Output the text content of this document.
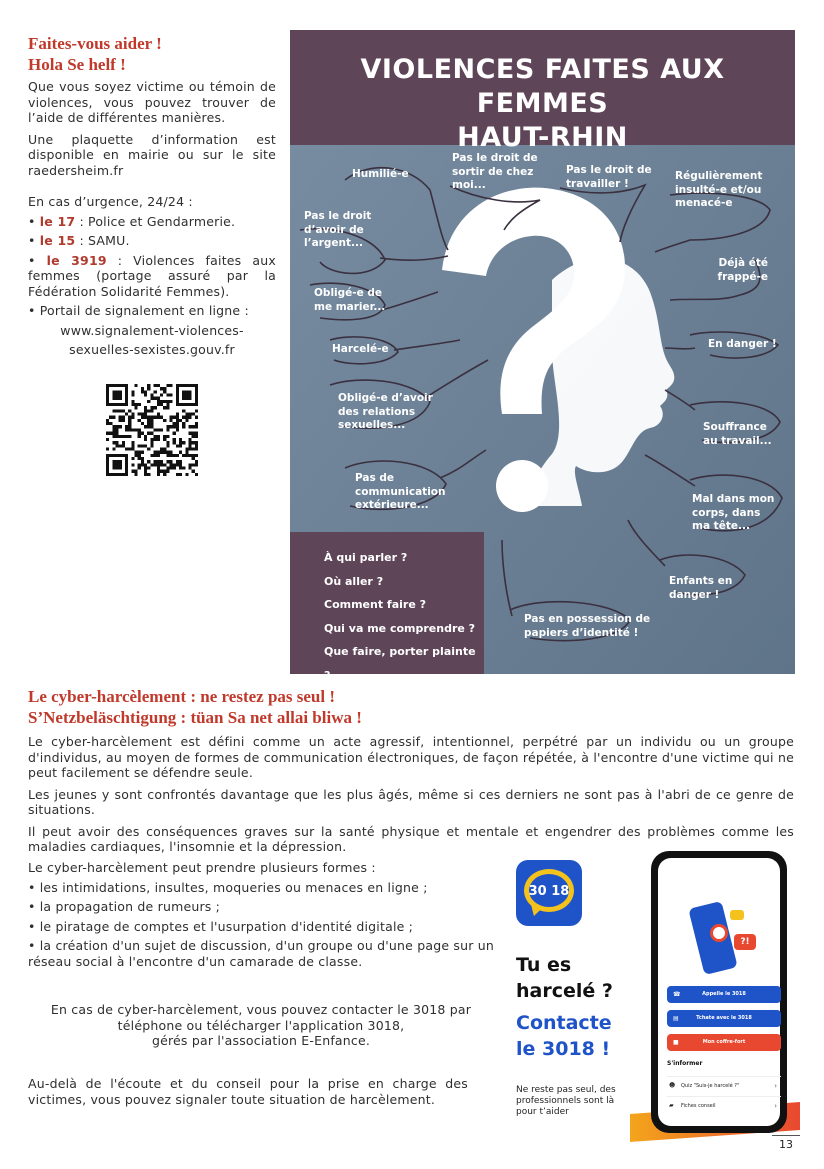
Faites-vous aider !
Hola Se helf !

Que vous soyez victime ou témoin de violences, vous pouvez trouver de l’aide de différentes manières.

Une plaquette d’information est disponible en mairie ou sur le site raedersheim.fr

En cas d’urgence, 24/24 :
• le 17 : Police et Gendarmerie.
• le 15 : SAMU.
• le 3919 : Violences faites aux femmes (portage assuré par la Fédération Solidarité Femmes).
• Portail de signalement en ligne :
www.signalement-violences-
sexuelles-sexistes.gouv.fr
VIOLENCES FAITES AUX FEMMES
HAUT-RHIN
Humilié-e
Pas le droit de sortir de chez moi...
Pas le droit de travailler !
Régulièrement insulté-e et/ou menacé-e
Pas le droit d’avoir de l’argent...
Déjà été frappé-e
Obligé-e de me marier...
En danger !
Harcelé-e
Obligé-e d’avoir des relations sexuelles...	Souffrance au travail...
Pas de communication extérieure...	Mal dans mon corps, dans ma tête...
Enfants en danger !
Pas en possession de papiers d’identité !
À qui parler ?
Où aller ?
Comment faire ?
Qui va me comprendre ?
Que faire, porter plainte ?
Le cyber-harcèlement : ne restez pas seul !
S’Netzbeläschtigung : tüan Sa net allai bliwa !

Le cyber-harcèlement est défini comme un acte agressif, intentionnel, perpétré par un individu ou un groupe d'individus, au moyen de formes de communication électroniques, de façon répétée, à l'encontre d'une victime qui ne peut facilement se défendre seule.

Les jeunes y sont confrontés davantage que les plus âgés, même si ces derniers ne sont pas à l'abri de ce genre de situations.

Il peut avoir des conséquences graves sur la santé physique et mentale et engendrer des problèmes comme les maladies cardiaques, l'insomnie et la dépression.

Le cyber-harcèlement peut prendre plusieurs formes :
• les intimidations, insultes, moqueries ou menaces en ligne ;
• la propagation de rumeurs ;
• le piratage de comptes et l'usurpation d'identité digitale ;
• la création d'un sujet de discussion, d'un groupe ou d'une page sur un réseau social à l'encontre d'un camarade de classe.
En cas de cyber-harcèlement, vous pouvez contacter le 3018 par
téléphone ou télécharger l'application 3018,
gérés par l'association E-Enfance.
Au-delà de l'écoute et du conseil pour la prise en charge des victimes, vous pouvez signaler toute situation de harcèlement.
30 18
Tu es
harcelé ?
Contacte
le 3018 !
Ne reste pas seul, des professionnels sont là pour t’aider
?!
☎	Appelle le 3018
▤	Tchate avec le 3018
■	Mon coffre-fort
S'informer
☻ Quiz "Suis-je harcelé ?"	›
▰ Fiches conseil	›
13
